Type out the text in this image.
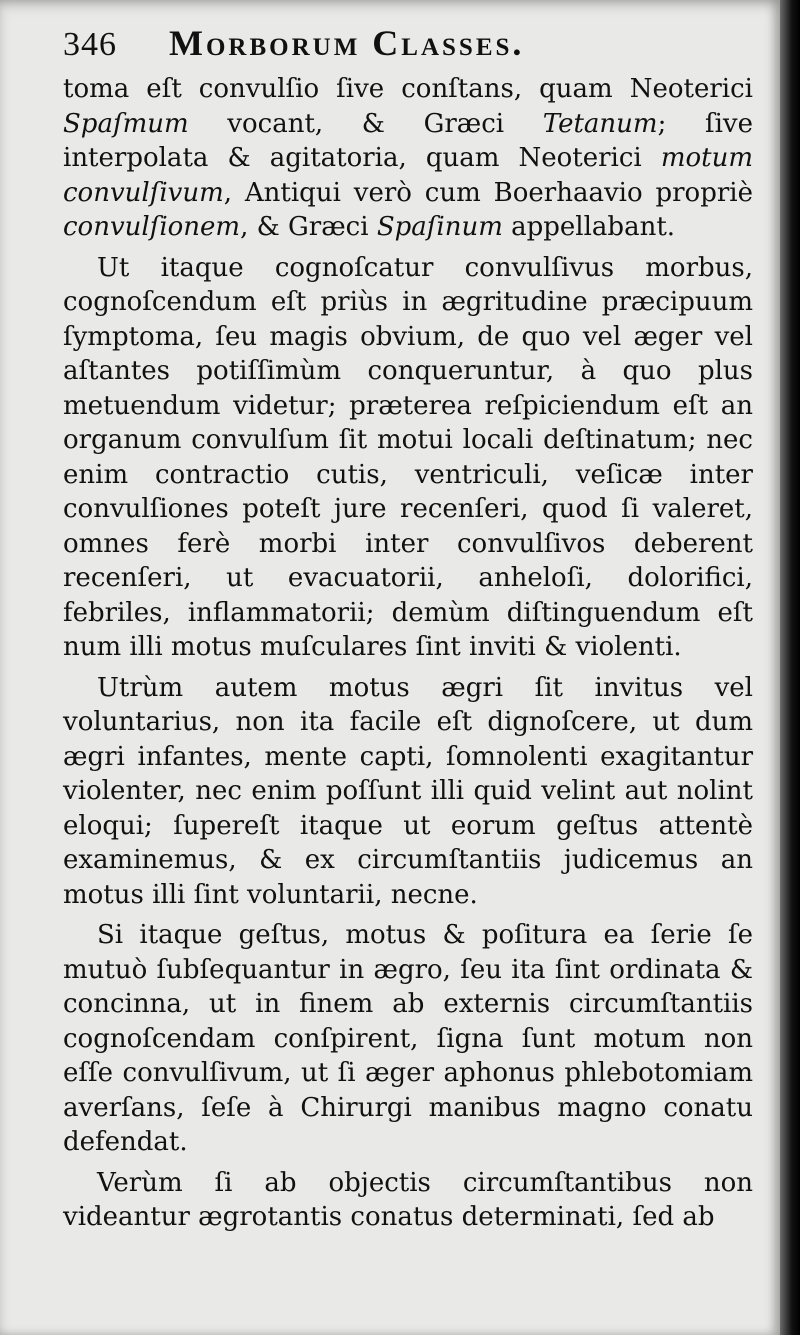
346 Morborum Classes.

toma eſt convulſio ſive conſtans, quam Neoterici Spaſmum vocant, & Græci Tetanum; ſive interpolata & agitatoria, quam Neoterici motum convulſivum, Antiqui verò cum Boerhaavio propriè convulſionem, & Græci Spaſinum appellabant.

Ut itaque cognoſcatur convulſivus morbus, cognoſcendum eſt priùs in ægritudine præcipuum ſymptoma, ſeu magis obvium, de quo vel æger vel aſtantes potiſſimùm conqueruntur, à quo plus metuendum videtur; præterea reſpiciendum eſt an organum convulſum ſit motui locali deſtinatum; nec enim contractio cutis, ventriculi, veſicæ inter convulſiones poteſt jure recenſeri, quod ſi valeret, omnes ferè morbi inter convulſivos deberent recenſeri, ut evacuatorii, anheloſi, dolorifici, febriles, inflammatorii; demùm diſtinguendum eſt num illi motus muſculares ſint inviti & violenti.

Utrùm autem motus ægri ſit invitus vel voluntarius, non ita facile eſt dignoſcere, ut dum ægri infantes, mente capti, ſomnolenti exagitantur violenter, nec enim poſſunt illi quid velint aut nolint eloqui; ſupereſt itaque ut eorum geſtus attentè examinemus, & ex circumſtantiis judicemus an motus illi ſint voluntarii, necne.

Si itaque geſtus, motus & poſitura ea ſerie ſe mutuò ſubſequantur in ægro, ſeu ita ſint ordinata & concinna, ut in finem ab externis circumſtantiis cognoſcendam conſpirent, ſigna ſunt motum non eſſe convulſivum, ut ſi æger aphonus phlebotomiam averſans, ſeſe à Chirurgi manibus magno conatu defendat.

Verùm ſi ab objectis circumſtantibus non videantur ægrotantis conatus determinati, ſed ab
